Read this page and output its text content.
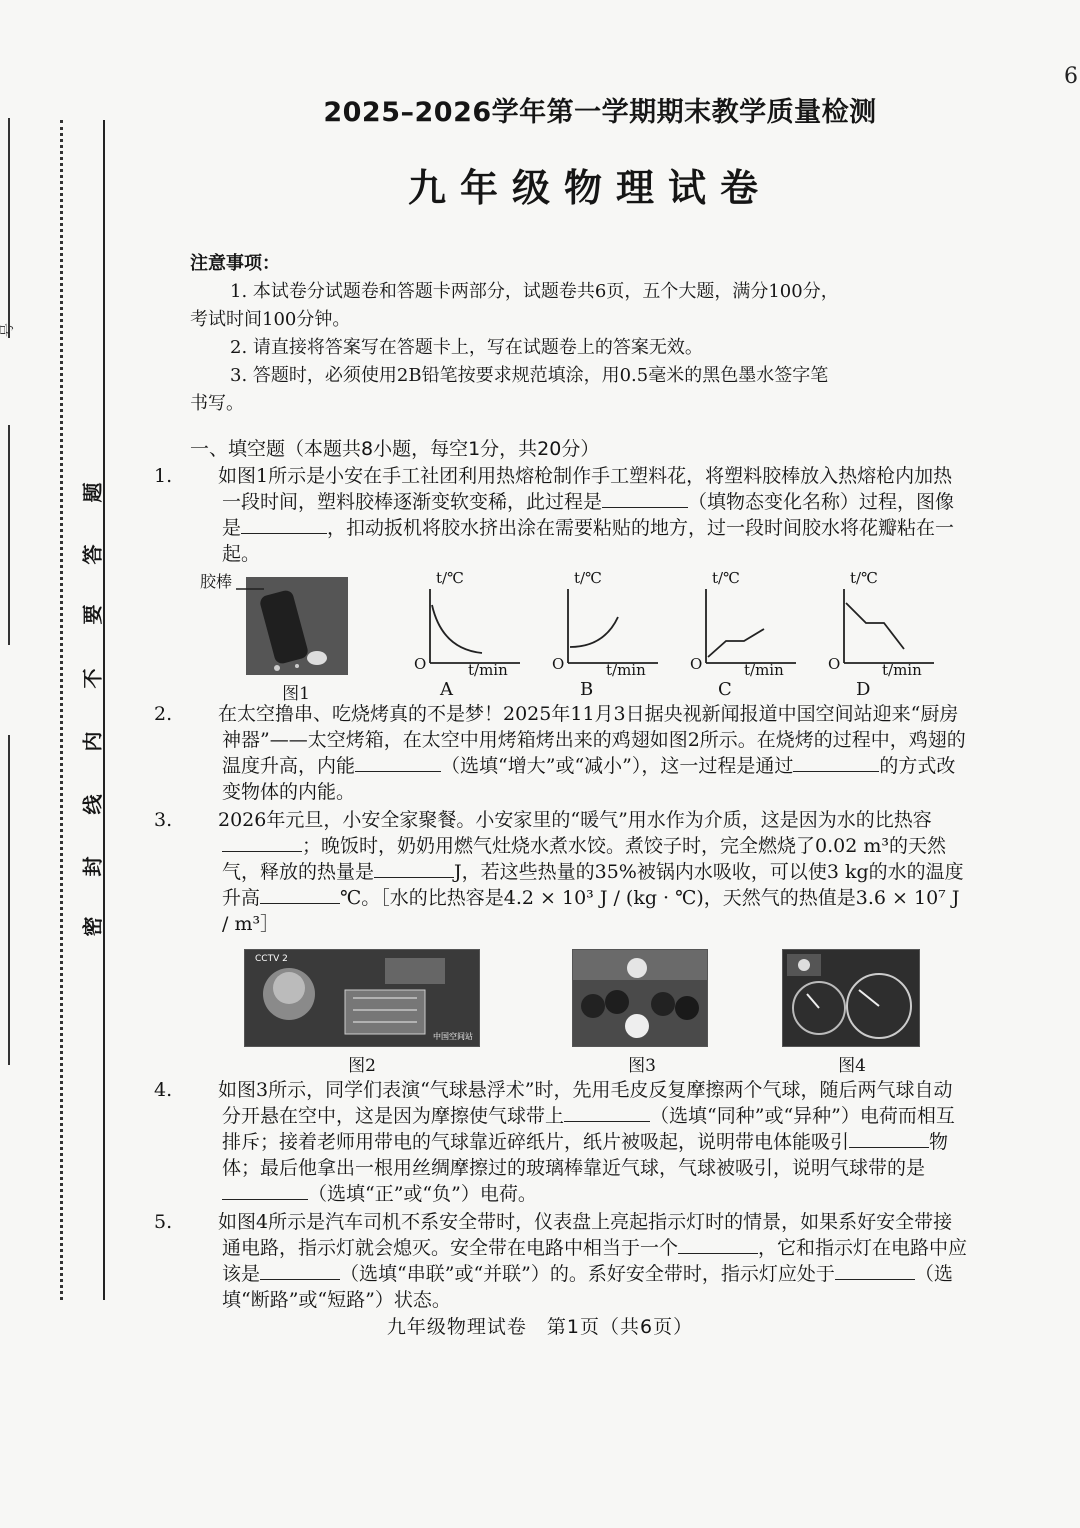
号
题
答
要
不
内
线
封
密
6
2025–2026学年第一学期期末教学质量检测
九年级物理试卷
注意事项：
1. 本试卷分试题卷和答题卡两部分，试题卷共6页，五个大题，满分100分，
考试时间100分钟。
2. 请直接将答案写在答题卡上，写在试题卷上的答案无效。
3. 答题时，必须使用2B铅笔按要求规范填涂，用0.5毫米的黑色墨水签字笔
书写。
一、填空题（本题共8小题，每空1分，共20分）
1. 如图1所示是小安在手工社团利用热熔枪制作手工塑料花，将塑料胶棒放入热熔枪内加热一段时间，塑料胶棒逐渐变软变稀，此过程是	（填物态变化名称）过程，图像是	，扣动扳机将胶水挤出涂在需要粘贴的地方，过一段时间胶水将花瓣粘在一起。
胶棒
图1
t/℃
O	t/min
A
t/℃
O	t/min
B
t/℃
O	t/min
C
t/℃
O	t/min
D
2. 在太空撸串、吃烧烤真的不是梦！2025年11月3日据央视新闻报道中国空间站迎来“厨房神器”——太空烤箱，在太空中用烤箱烤出来的鸡翅如图2所示。在烧烤的过程中，鸡翅的温度升高，内能	（选填“增大”或“减小”），这一过程是通过	的方式改变物体的内能。
3. 2026年元旦，小安全家聚餐。小安家里的“暖气”用水作为介质，这是因为水的比热容；晚饭时，奶奶用燃气灶烧水煮水饺。煮饺子时，完全燃烧了0.02 m³的天然气，释放的热量是	J，若这些热量的35%被锅内水吸收，可以使3 kg的水的温度升高	℃。［水的比热容是4.2 × 10³ J / (kg · ℃)，天然气的热值是3.6 × 10⁷ J / m³］
CCTV 2
中国空间站
图2	图3	图4
4. 如图3所示，同学们表演“气球悬浮术”时，先用毛皮反复摩擦两个气球，随后两气球自动分开悬在空中，这是因为摩擦使气球带上	（选填“同种”或“异种”）电荷而相互排斥；接着老师用带电的气球靠近碎纸片，纸片被吸起，说明带电体能吸引	物体；最后他拿出一根用丝绸摩擦过的玻璃棒靠近气球，气球被吸引，说明气球带的是（选填“正”或“负”）电荷。
5. 如图4所示是汽车司机不系安全带时，仪表盘上亮起指示灯时的情景，如果系好安全带接通电路，指示灯就会熄灭。安全带在电路中相当于一个	，它和指示灯在电路中应该是	（选填“串联”或“并联”）的。系好安全带时，指示灯应处于	（选填“断路”或“短路”）状态。
九年级物理试卷　第1页（共6页）
